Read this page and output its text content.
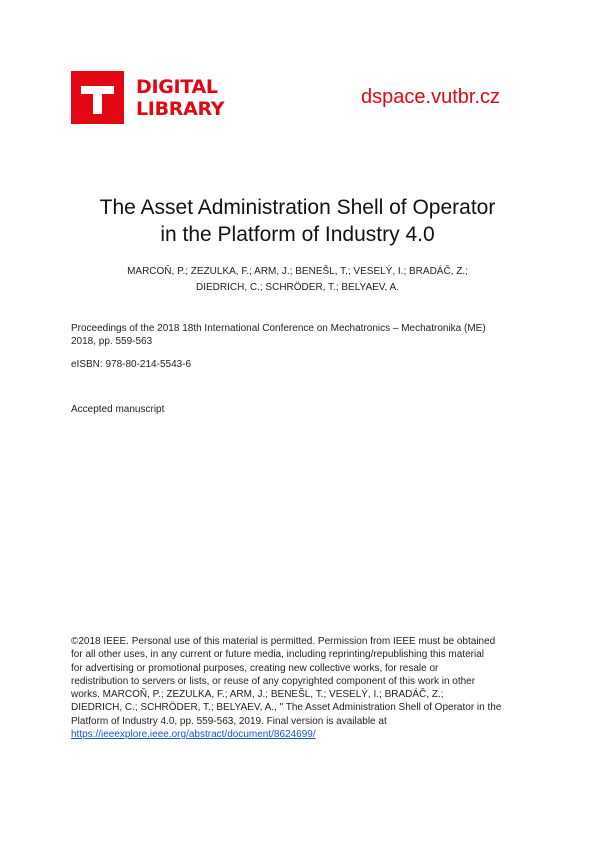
DIGITAL
LIBRARY
dspace.vutbr.cz
The Asset Administration Shell of Operator
in the Platform of Industry 4.0
MARCOŇ, P.; ZEZULKA, F.; ARM, J.; BENEŠL, T.; VESELÝ, I.; BRADÁČ, Z.;
DIEDRICH, C.; SCHRÖDER, T.; BELYAEV, A.
Proceedings of the 2018 18th International Conference on Mechatronics – Mechatronika (ME)
2018, pp. 559-563
eISBN: 978-80-214-5543-6
Accepted manuscript
©2018 IEEE. Personal use of this material is permitted. Permission from IEEE must be obtained
for all other uses, in any current or future media, including reprinting/republishing this material
for advertising or promotional purposes, creating new collective works, for resale or
redistribution to servers or lists, or reuse of any copyrighted component of this work in other
works. MARCOŇ, P.; ZEZULKA, F.; ARM, J.; BENEŠL, T.; VESELÝ, I.; BRADÁČ, Z.;
DIEDRICH, C.; SCHRÖDER, T.; BELYAEV, A., " The Asset Administration Shell of Operator in the
Platform of Industry 4.0, pp. 559-563, 2019. Final version is available at
https://ieeexplore.ieee.org/abstract/document/8624699/
